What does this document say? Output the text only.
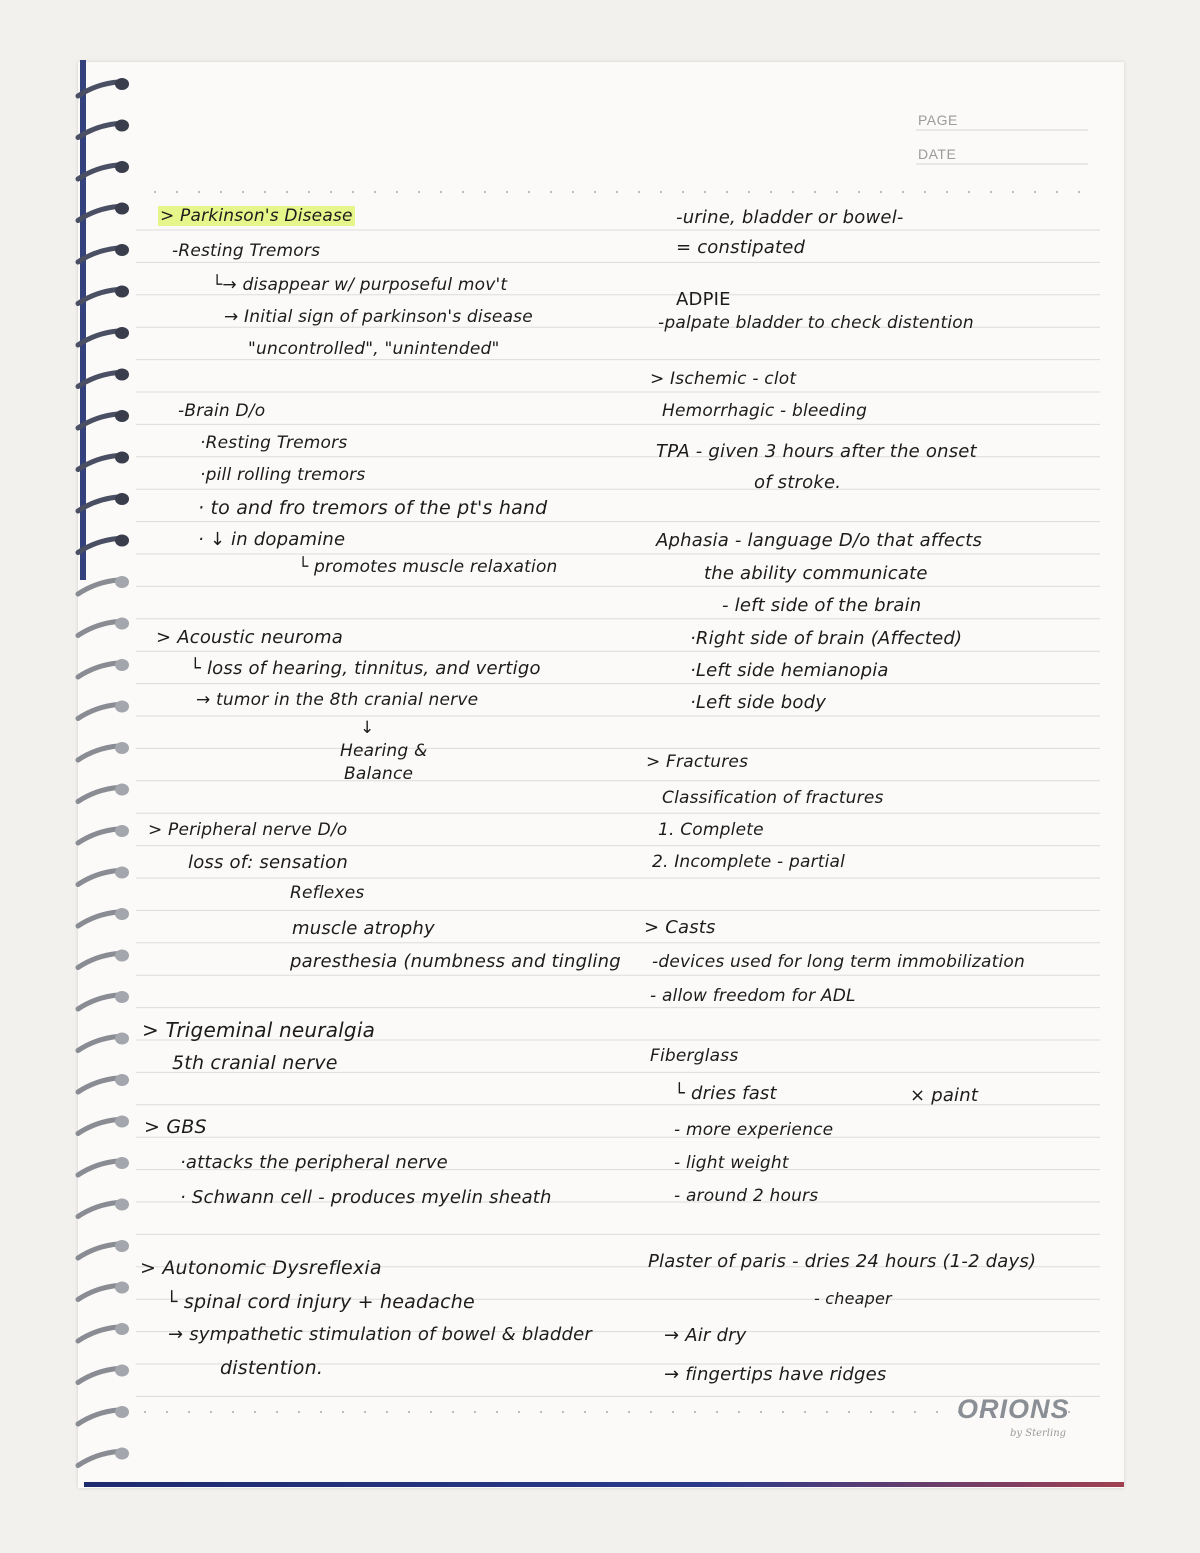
PAGE
DATE
> Parkinson's Disease
-Resting Tremors
└→ disappear w/ purposeful mov't
→ Initial sign of parkinson's disease
"uncontrolled", "unintended"
-Brain D/o
·Resting Tremors
·pill rolling tremors
· to and fro tremors of the pt's hand
· ↓ in dopamine
└ promotes muscle relaxation
> Acoustic neuroma
└ loss of hearing, tinnitus, and vertigo
→ tumor in the 8th cranial nerve
↓
Hearing &
Balance
> Peripheral nerve D/o
loss of: sensation
Reflexes
muscle atrophy
paresthesia (numbness and tingling
> Trigeminal neuralgia
5th cranial nerve
> GBS
·attacks the peripheral nerve
· Schwann cell - produces myelin sheath
> Autonomic Dysreflexia
└ spinal cord injury + headache
→ sympathetic stimulation of bowel & bladder
distention.
-urine, bladder or bowel-
= constipated
ADPIE
-palpate bladder to check distention
> Ischemic - clot
Hemorrhagic - bleeding
TPA - given 3 hours after the onset
of stroke.
Aphasia - language D/o that affects
the ability communicate
- left side of the brain
·Right side of brain (Affected)
·Left side hemianopia
·Left side body
> Fractures
Classification of fractures
1. Complete
2. Incomplete - partial
> Casts
-devices used for long term immobilization
- allow freedom for ADL
Fiberglass
└ dries fast	× paint
- more experience
- light weight
- around 2 hours
Plaster of paris - dries 24 hours (1-2 days)
- cheaper
→ Air dry
→ fingertips have ridges
ORIONS
by Sterling
